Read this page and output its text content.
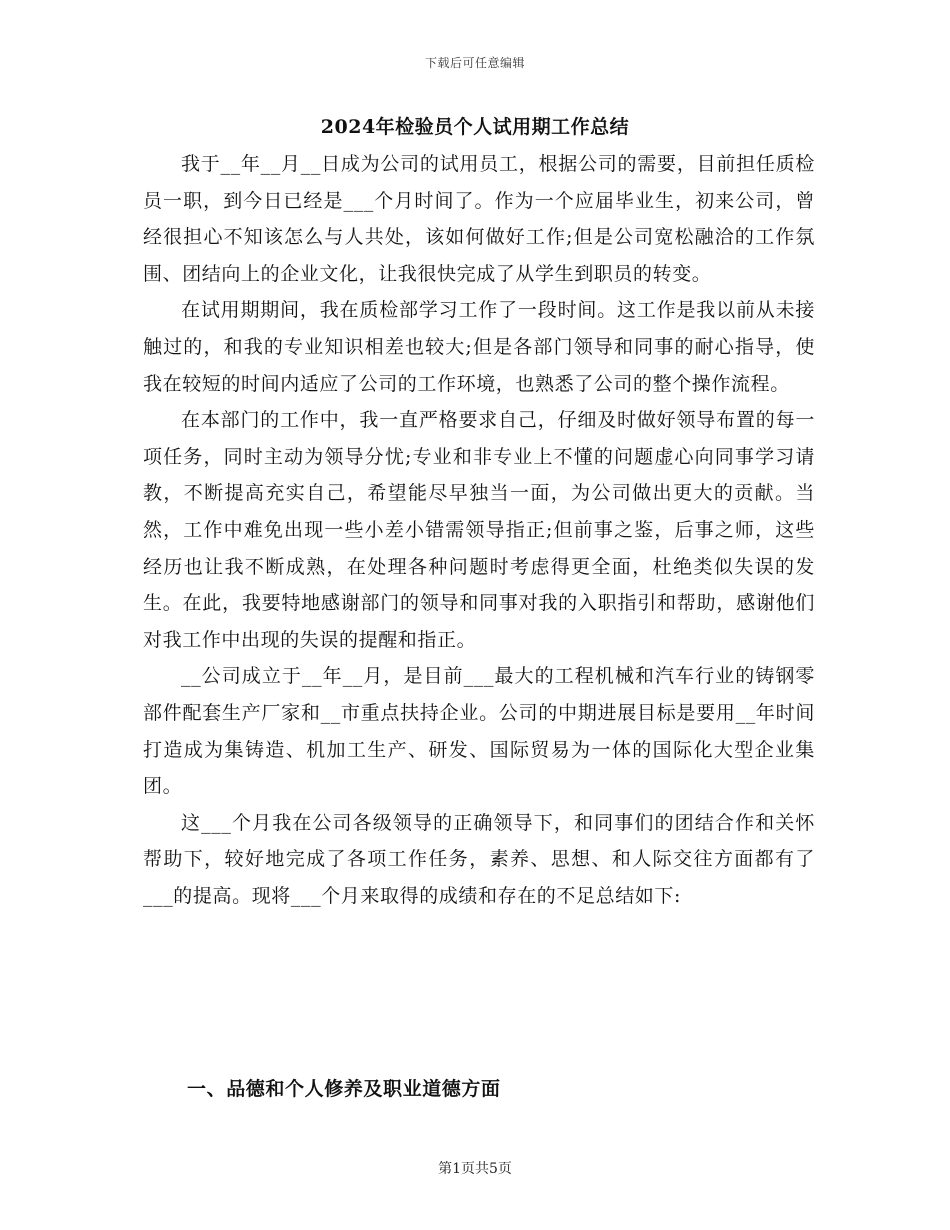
下载后可任意编辑
2024年检验员个人试用期工作总结

我于__年__月__日成为公司的试用员工，根据公司的需要，目前担任质检员一职，到今日已经是___个月时间了。作为一个应届毕业生，初来公司，曾经很担心不知该怎么与人共处，该如何做好工作;但是公司宽松融洽的工作氛围、团结向上的企业文化，让我很快完成了从学生到职员的转变。

在试用期期间，我在质检部学习工作了一段时间。这工作是我以前从未接触过的，和我的专业知识相差也较大;但是各部门领导和同事的耐心指导，使我在较短的时间内适应了公司的工作环境，也熟悉了公司的整个操作流程。

在本部门的工作中，我一直严格要求自己，仔细及时做好领导布置的每一项任务，同时主动为领导分忧;专业和非专业上不懂的问题虚心向同事学习请教，不断提高充实自己，希望能尽早独当一面，为公司做出更大的贡献。当然，工作中难免出现一些小差小错需领导指正;但前事之鉴，后事之师，这些经历也让我不断成熟，在处理各种问题时考虑得更全面，杜绝类似失误的发生。在此，我要特地感谢部门的领导和同事对我的入职指引和帮助，感谢他们对我工作中出现的失误的提醒和指正。

__公司成立于__年__月，是目前___最大的工程机械和汽车行业的铸钢零部件配套生产厂家和__市重点扶持企业。公司的中期进展目标是要用__年时间打造成为集铸造、机加工生产、研发、国际贸易为一体的国际化大型企业集团。

这___个月我在公司各级领导的正确领导下，和同事们的团结合作和关怀帮助下，较好地完成了各项工作任务，素养、思想、和人际交往方面都有了___的提高。现将___个月来取得的成绩和存在的不足总结如下:

一、品德和个人修养及职业道德方面
第1页共5页
